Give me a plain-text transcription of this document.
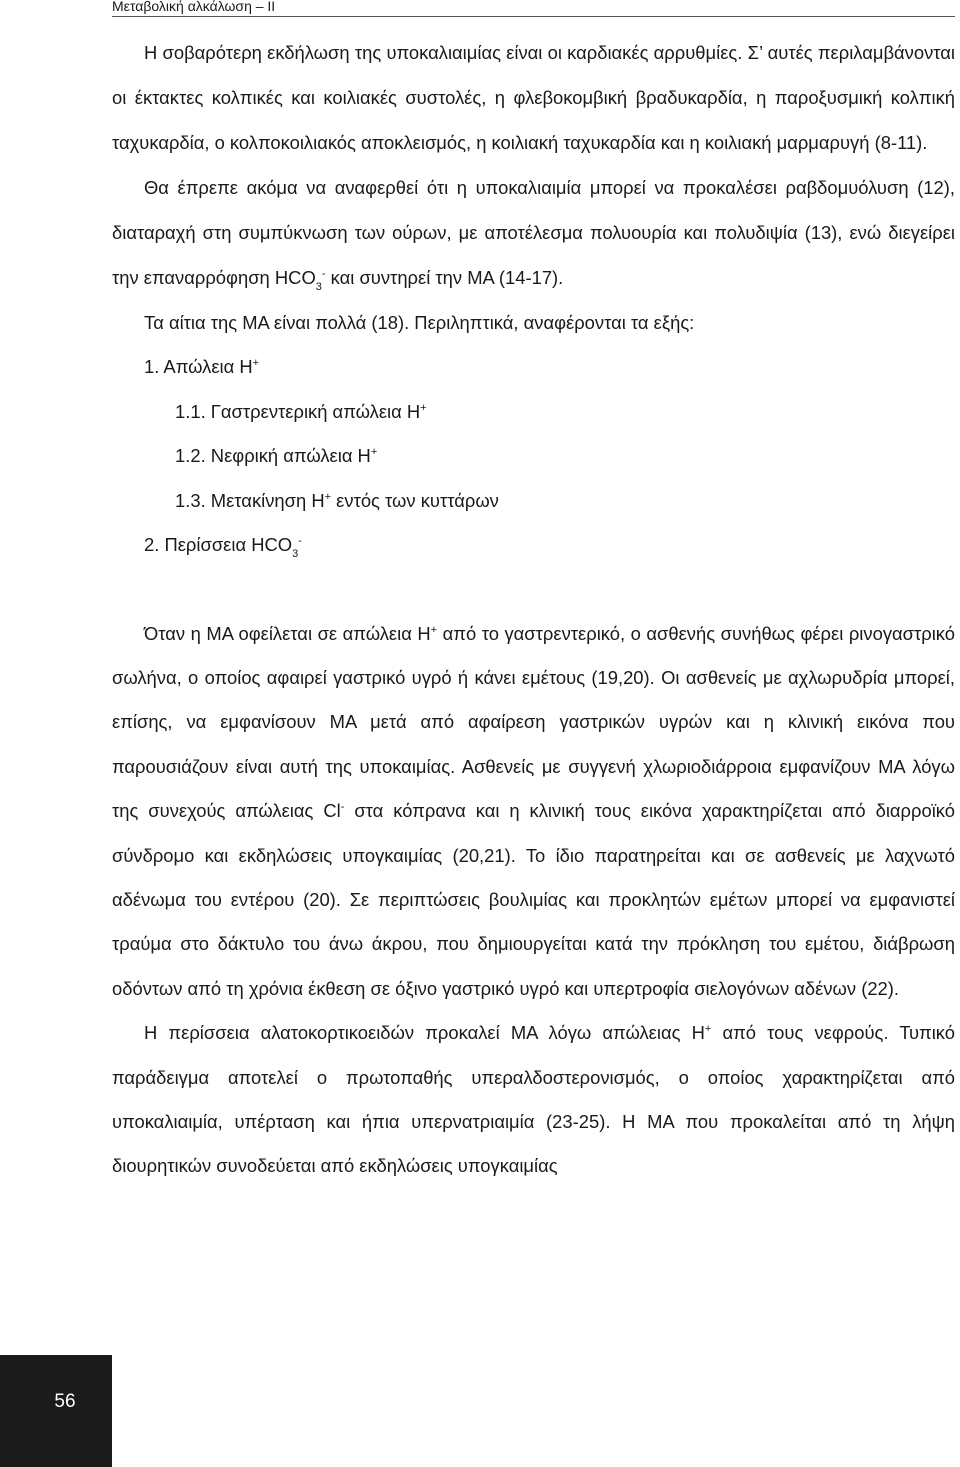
Μεταβολική αλκάλωση – ΙΙ

Η σοβαρότερη εκδήλωση της υποκαλιαιμίας είναι οι καρδιακές αρρυθμίες. Σ’ αυτές περιλαμβάνονται οι έκτακτες κολπικές και κοιλιακές συστολές, η φλεβοκομβική βραδυκαρδία, η παροξυσμική κολπική ταχυκαρδία, ο κολποκοιλιακός αποκλεισμός, η κοιλιακή ταχυκαρδία και η κοιλιακή μαρμαρυγή (8-11).

Θα έπρεπε ακόμα να αναφερθεί ότι η υποκαλιαιμία μπορεί να προκαλέσει ραβδομυόλυση (12), διαταραχή στη συμπύκνωση των ούρων, με αποτέλεσμα πολυουρία και πολυδιψία (13), ενώ διεγείρει την επαναρρόφηση $HCO_3^-$ και συντηρεί την ΜΑ (14-17).

Τα αίτια της ΜΑ είναι πολλά (18). Περιληπτικά, αναφέρονται τα εξής:

1. Απώλεια Η+
1.1. Γαστρεντερική απώλεια Η+
1.2. Νεφρική απώλεια Η+
1.3. Μετακίνηση Η+ εντός των κυττάρων
2. Περίσσεια $HCO_3^-$

Όταν η ΜΑ οφείλεται σε απώλεια Η+ από το γαστρεντερικό, ο ασθενής συνήθως φέρει ρινογαστρικό σωλήνα, ο οποίος αφαιρεί γαστρικό υγρό ή κάνει εμέτους (19,20). Οι ασθενείς με αχλωρυδρία μπορεί, επίσης, να εμφανίσουν ΜΑ μετά από αφαίρεση γαστρικών υγρών και η κλινική εικόνα που παρουσιάζουν είναι αυτή της υποκαιμίας. Ασθενείς με συγγενή χλωριοδιάρροια εμφανίζουν ΜΑ λόγω της συνεχούς απώλειας Cl- στα κόπρανα και η κλινική τους εικόνα χαρακτηρίζεται από διαρροϊκό σύνδρομο και εκδηλώσεις υπογκαιμίας (20,21). Το ίδιο παρατηρείται και σε ασθενείς με λαχνωτό αδένωμα του εντέρου (20). Σε περιπτώσεις βουλιμίας και προκλητών εμέτων μπορεί να εμφανιστεί τραύμα στο δάκτυλο του άνω άκρου, που δημιουργείται κατά την πρόκληση του εμέτου, διάβρωση οδόντων από τη χρόνια έκθεση σε όξινο γαστρικό υγρό και υπερτροφία σιελογόνων αδένων (22).

Η περίσσεια αλατοκορτικοειδών προκαλεί ΜΑ λόγω απώλειας Η+ από τους νεφρούς. Τυπικό παράδειγμα αποτελεί ο πρωτοπαθής υπεραλδοστερονισμός, ο οποίος χαρακτηρίζεται από υποκαλιαιμία, υπέρταση και ήπια υπερνατριαιμία (23-25). Η ΜΑ που προκαλείται από τη λήψη διουρητικών συνοδεύεται από εκδηλώσεις υπογκαιμίας

56
